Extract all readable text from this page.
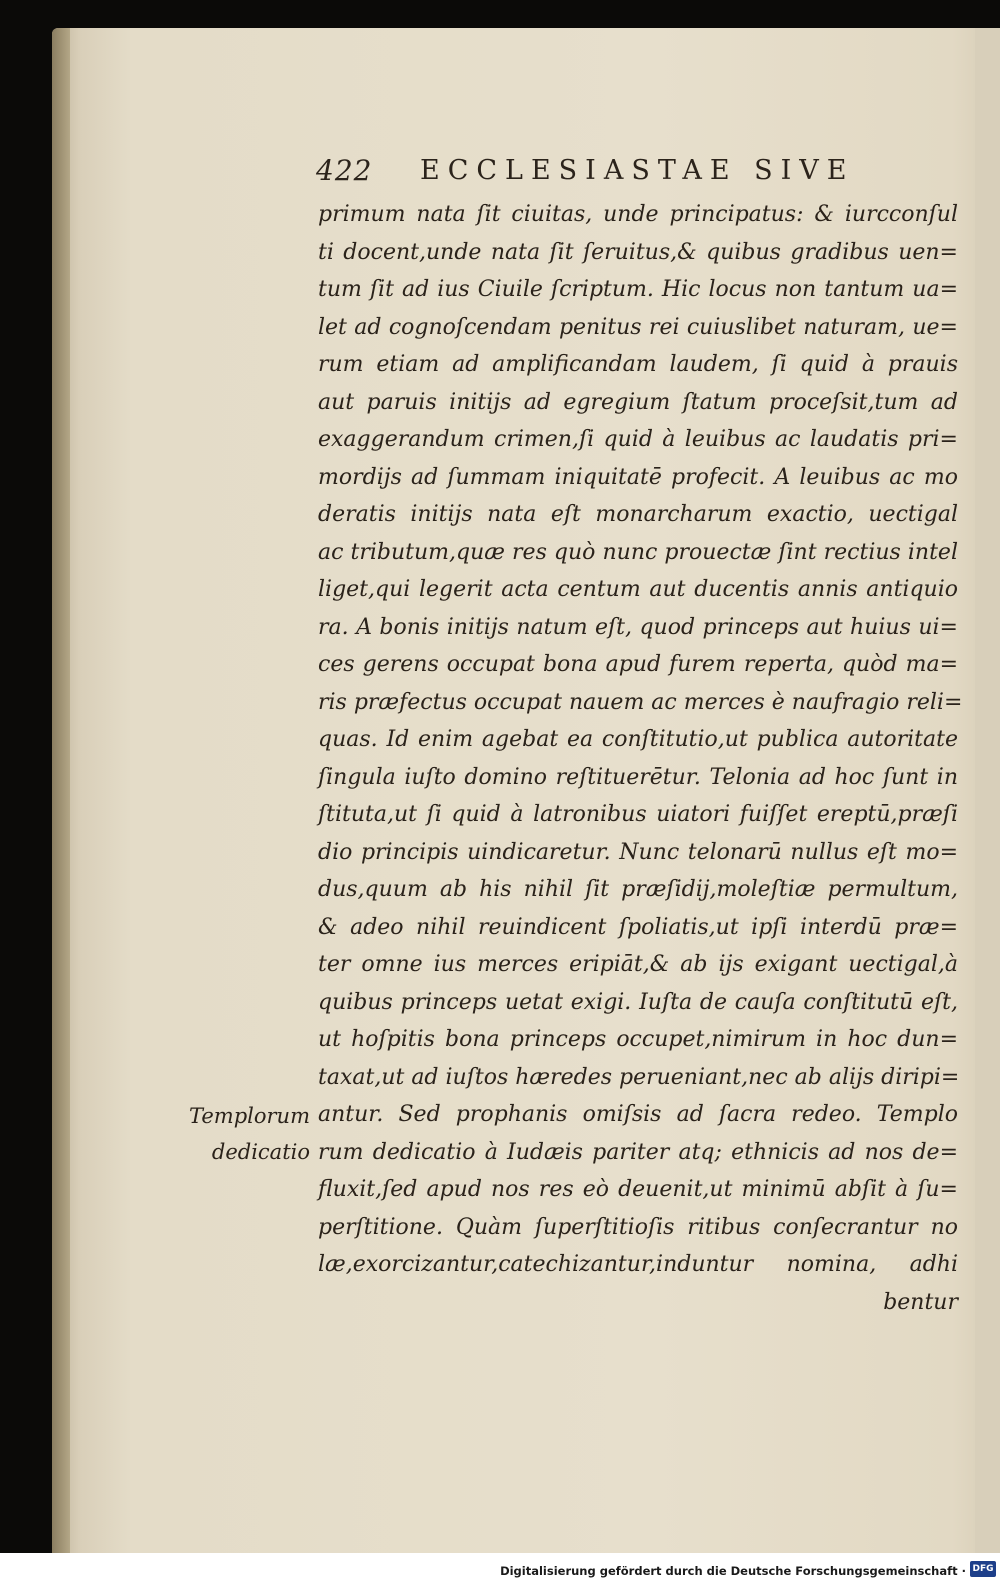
422 ECCLESIASTAE SIVE
Templorum
dedicatio
primum nata ſit ciuitas, unde principatus: & iurcconſul
ti docent,unde nata ſit ſeruitus,& quibus gradibus uen=
tum ſit ad ius Ciuile ſcriptum. Hic locus non tantum ua=
let ad cognoſcendam penitus rei cuiuslibet naturam, ue=
rum etiam ad amplificandam laudem, ſi quid à prauis
aut paruis initijs ad egregium ſtatum proceſsit,tum ad
exaggerandum crimen,ſi quid à leuibus ac laudatis pri=
mordijs ad ſummam iniquitatē profecit. A leuibus ac mo
deratis initijs nata eſt monarcharum exactio, uectigal
ac tributum,quæ res quò nunc prouectæ ſint rectius intel
liget,qui legerit acta centum aut ducentis annis antiquio
ra. A bonis initijs natum eſt, quod princeps aut huius ui=
ces gerens occupat bona apud furem reperta, quòd ma=
ris præfectus occupat nauem ac merces è naufragio reli=
quas. Id enim agebat ea conſtitutio,ut publica autoritate
ſingula iuſto domino reſtituerētur. Telonia ad hoc ſunt in
ſtituta,ut ſi quid à latronibus uiatori fuiſſet ereptū,præſi
dio principis uindicaretur. Nunc telonarū nullus eſt mo=
dus,quum ab his nihil ſit præſidij,moleſtiæ permultum,
& adeo nihil reuindicent ſpoliatis,ut ipſi interdū præ=
ter omne ius merces eripiāt,& ab ijs exigant uectigal,à
quibus princeps uetat exigi. Iuſta de cauſa conſtitutū eſt,
ut hoſpitis bona princeps occupet,nimirum in hoc dun=
taxat,ut ad iuſtos hæredes perueniant,nec ab alijs diripi=
antur. Sed prophanis omiſsis ad ſacra redeo. Templo
rum dedicatio à Iudæis pariter atq; ethnicis ad nos de=
fluxit,ſed apud nos res eò deuenit,ut minimū abſit à ſu=
perſtitione. Quàm ſuperſtitioſis ritibus conſecrantur no
læ,exorcizantur,catechizantur,induntur nomina, adhi
bentur
Digitalisierung gefördert durch die Deutsche Forschungsgemeinschaft · DFG
